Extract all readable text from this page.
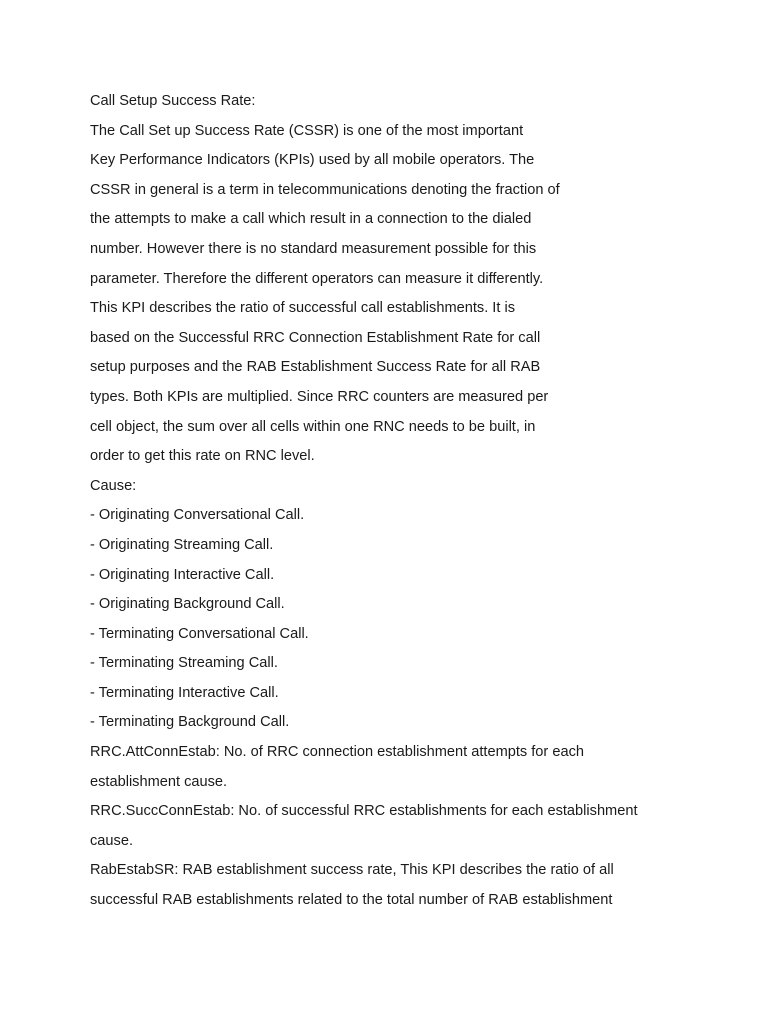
Call Setup Success Rate:
The Call Set up Success Rate (CSSR) is one of the most important
Key Performance Indicators (KPIs) used by all mobile operators. The
CSSR in general is a term in telecommunications denoting the fraction of
the attempts to make a call which result in a connection to the dialed
number. However there is no standard measurement possible for this
parameter. Therefore the different operators can measure it differently.
This KPI describes the ratio of successful call establishments. It is
based on the Successful RRC Connection Establishment Rate for call
setup purposes and the RAB Establishment Success Rate for all RAB
types. Both KPIs are multiplied. Since RRC counters are measured per
cell object, the sum over all cells within one RNC needs to be built, in
order to get this rate on RNC level.
Cause:
- Originating Conversational Call.
- Originating Streaming Call.
- Originating Interactive Call.
- Originating Background Call.
- Terminating Conversational Call.
- Terminating Streaming Call.
- Terminating Interactive Call.
- Terminating Background Call.
RRC.AttConnEstab: No. of RRC connection establishment attempts for each
establishment cause.
RRC.SuccConnEstab: No. of successful RRC establishments for each establishment
cause.
RabEstabSR: RAB establishment success rate, This KPI describes the ratio of all
successful RAB establishments related to the total number of RAB establishment
